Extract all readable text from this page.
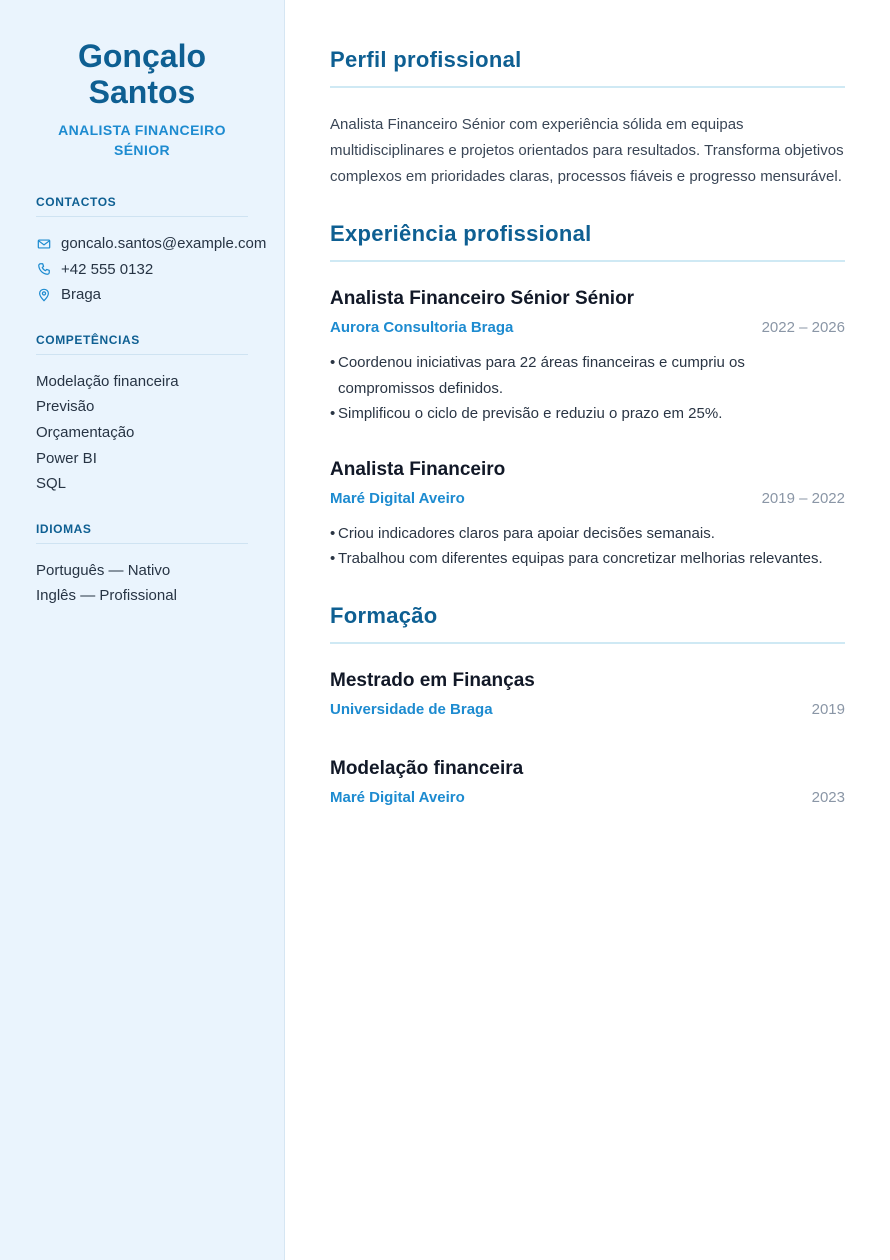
Gonçalo
Santos
ANALISTA FINANCEIRO
SÉNIOR
CONTACTOS
goncalo.santos@example.com
+42 555 0132
Braga
COMPETÊNCIAS
Modelação financeira
Previsão
Orçamentação
Power BI
SQL
IDIOMAS
Português — Nativo
Inglês — Profissional
Perfil profissional

Analista Financeiro Sénior com experiência sólida em equipas multidisciplinares e projetos orientados para resultados. Transforma objetivos complexos em prioridades claras, processos fiáveis e progresso mensurável.

Experiência profissional
Analista Financeiro Sénior Sénior
Aurora Consultoria Braga	2022 – 2026
• Coordenou iniciativas para 22 áreas financeiras e cumpriu os compromissos definidos.
• Simplificou o ciclo de previsão e reduziu o prazo em 25%.
Analista Financeiro
Maré Digital Aveiro	2019 – 2022
• Criou indicadores claros para apoiar decisões semanais.
• Trabalhou com diferentes equipas para concretizar melhorias relevantes.
Formação
Mestrado em Finanças
Universidade de Braga	2019
Modelação financeira
Maré Digital Aveiro	2023
